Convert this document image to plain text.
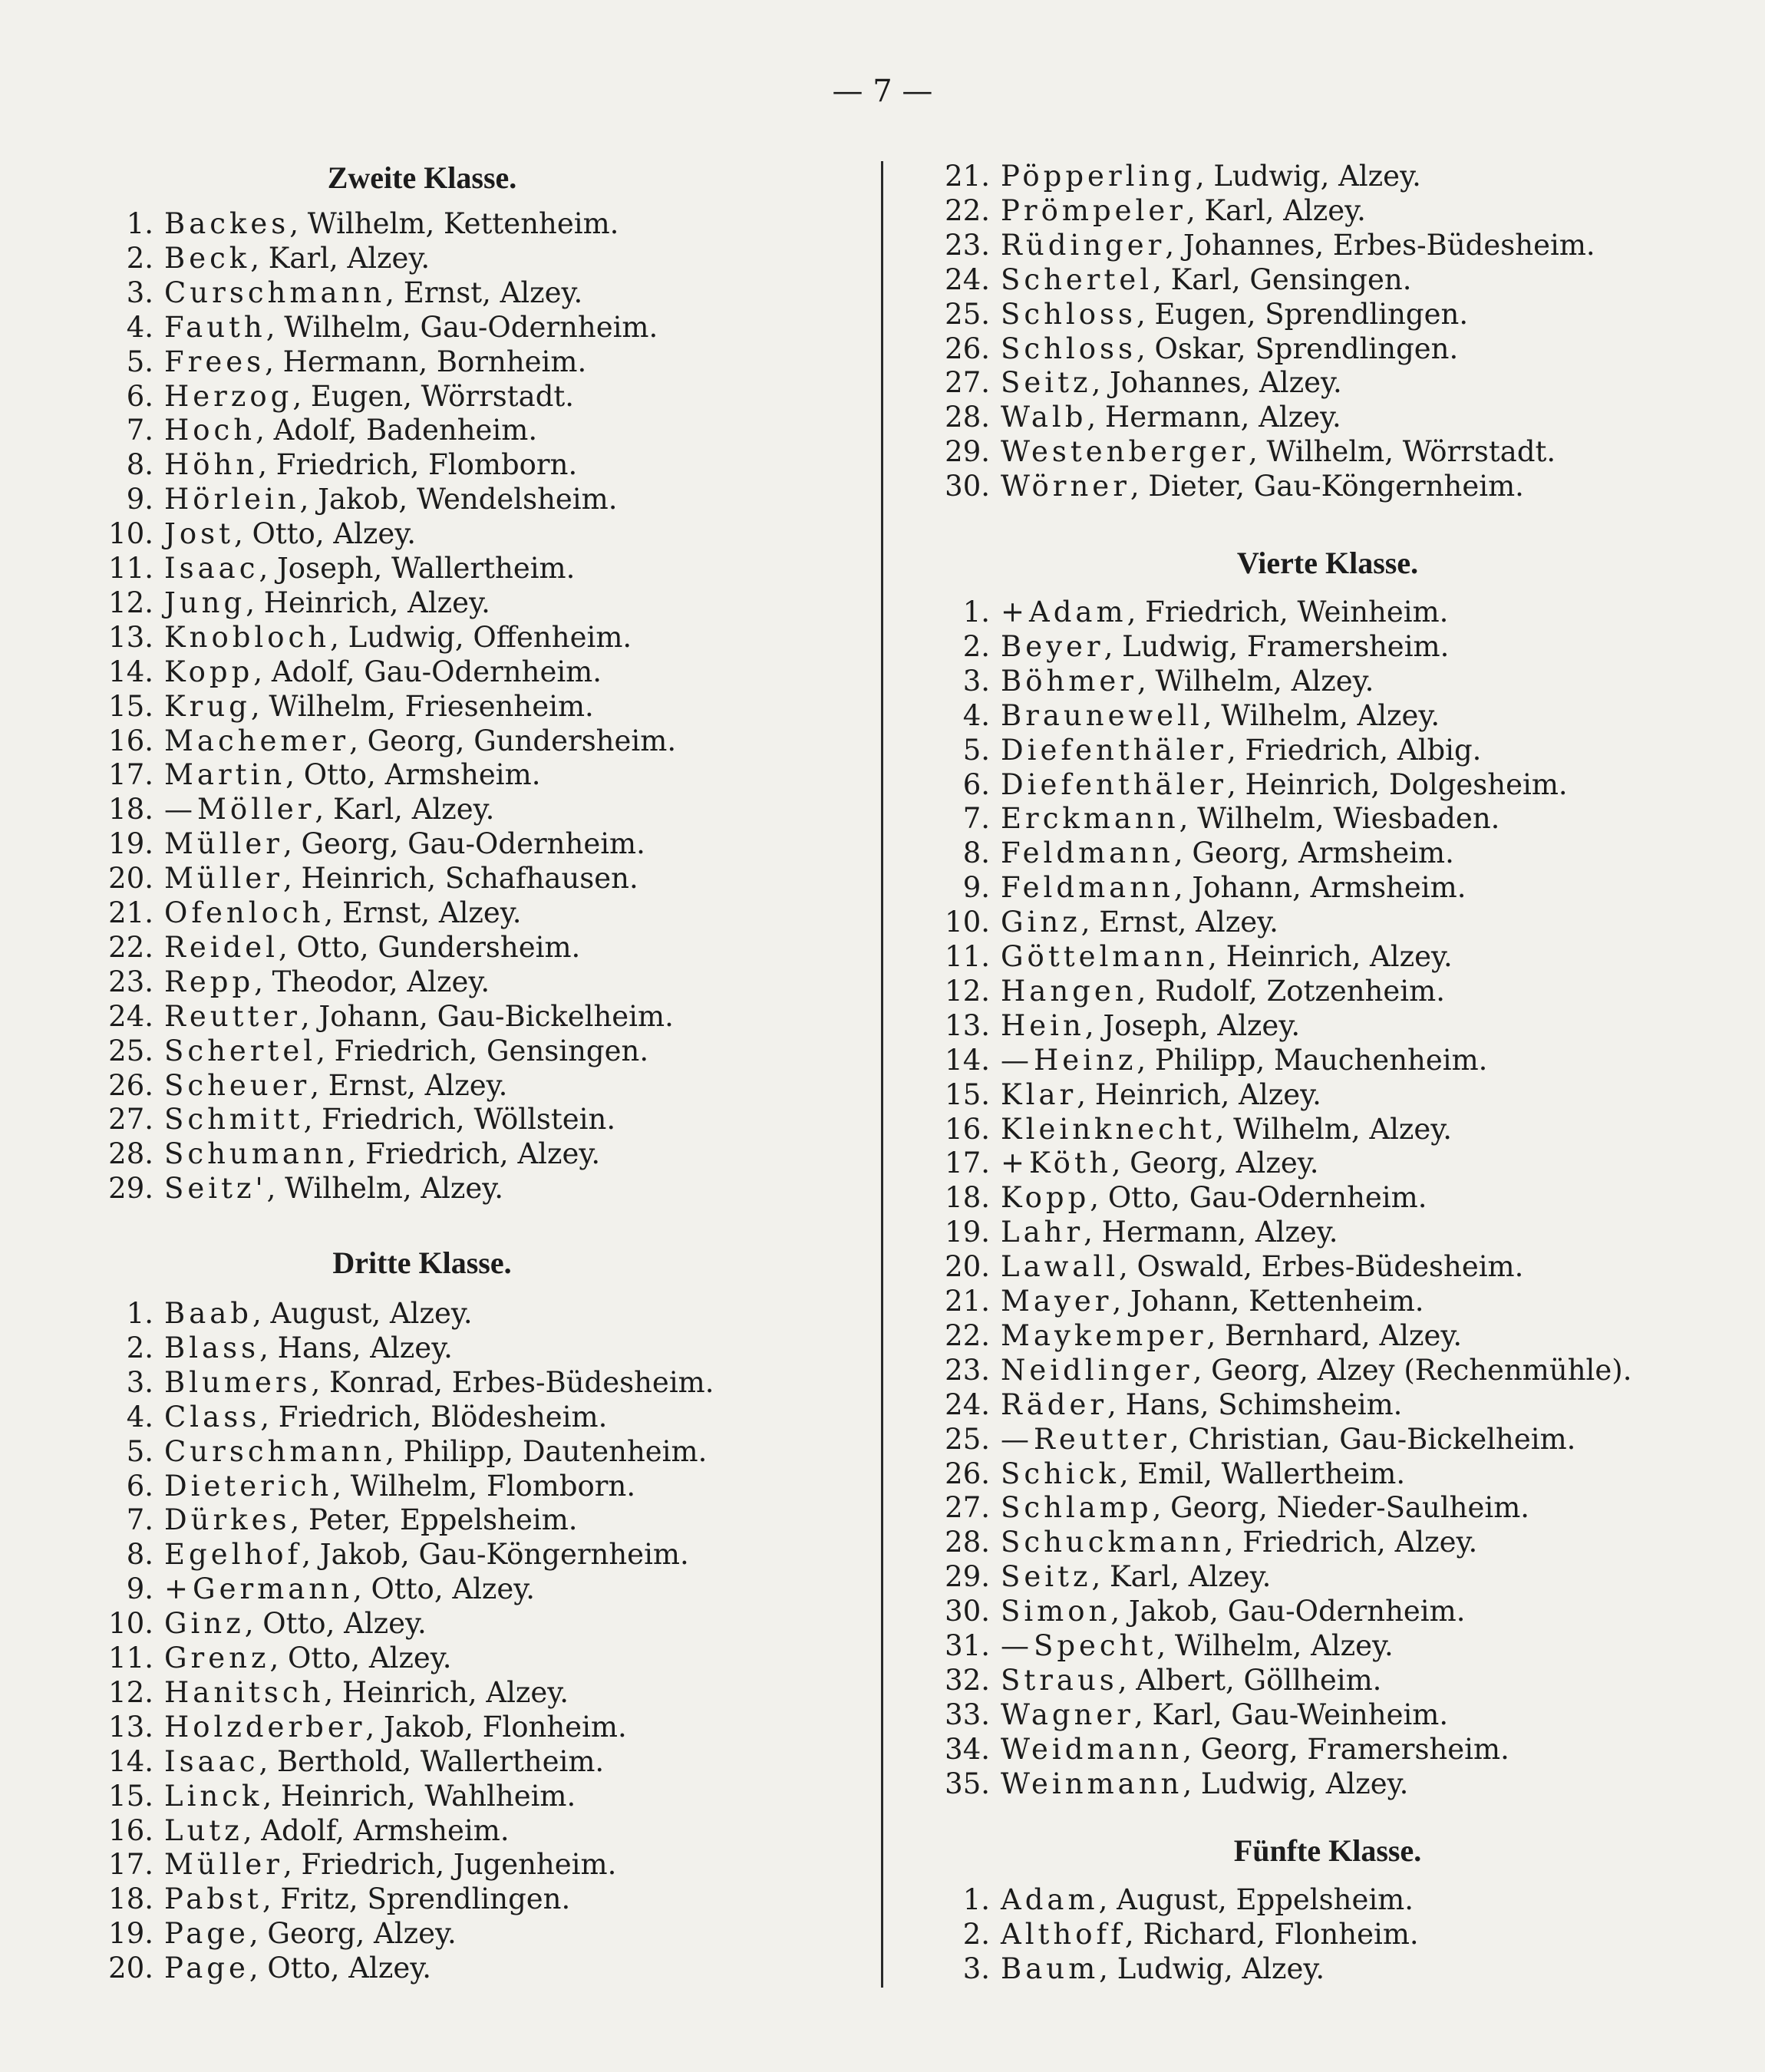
— 7 —
Zweite Klasse.
1. Backes, Wilhelm, Kettenheim.
2. Beck, Karl, Alzey.
3. Curschmann, Ernst, Alzey.
4. Fauth, Wilhelm, Gau-Odernheim.
5. Frees, Hermann, Bornheim.
6. Herzog, Eugen, Wörrstadt.
7. Hoch, Adolf, Badenheim.
8. Höhn, Friedrich, Flomborn.
9. Hörlein, Jakob, Wendelsheim.
10. Jost, Otto, Alzey.
11. Isaac, Joseph, Wallertheim.
12. Jung, Heinrich, Alzey.
13. Knobloch, Ludwig, Offenheim.
14. Kopp, Adolf, Gau-Odernheim.
15. Krug, Wilhelm, Friesenheim.
16. Machemer, Georg, Gundersheim.
17. Martin, Otto, Armsheim.
18. — Möller, Karl, Alzey.
19. Müller, Georg, Gau-Odernheim.
20. Müller, Heinrich, Schafhausen.
21. Ofenloch, Ernst, Alzey.
22. Reidel, Otto, Gundersheim.
23. Repp, Theodor, Alzey.
24. Reutter, Johann, Gau-Bickelheim.
25. Schertel, Friedrich, Gensingen.
26. Scheuer, Ernst, Alzey.
27. Schmitt, Friedrich, Wöllstein.
28. Schumann, Friedrich, Alzey.
29. Seitz', Wilhelm, Alzey.
Dritte Klasse.
1. Baab, August, Alzey.
2. Blass, Hans, Alzey.
3. Blumers, Konrad, Erbes-Büdesheim.
4. Class, Friedrich, Blödesheim.
5. Curschmann, Philipp, Dautenheim.
6. Dieterich, Wilhelm, Flomborn.
7. Dürkes, Peter, Eppelsheim.
8. Egelhof, Jakob, Gau-Köngernheim.
9. + Germann, Otto, Alzey.
10. Ginz, Otto, Alzey.
11. Grenz, Otto, Alzey.
12. Hanitsch, Heinrich, Alzey.
13. Holzderber, Jakob, Flonheim.
14. Isaac, Berthold, Wallertheim.
15. Linck, Heinrich, Wahlheim.
16. Lutz, Adolf, Armsheim.
17. Müller, Friedrich, Jugenheim.
18. Pabst, Fritz, Sprendlingen.
19. Page, Georg, Alzey.
20. Page, Otto, Alzey.
21. Pöpperling, Ludwig, Alzey.
22. Prömpeler, Karl, Alzey.
23. Rüdinger, Johannes, Erbes-Büdesheim.
24. Schertel, Karl, Gensingen.
25. Schloss, Eugen, Sprendlingen.
26. Schloss, Oskar, Sprendlingen.
27. Seitz, Johannes, Alzey.
28. Walb, Hermann, Alzey.
29. Westenberger, Wilhelm, Wörrstadt.
30. Wörner, Dieter, Gau-Köngernheim.
Vierte Klasse.
1. + Adam, Friedrich, Weinheim.
2. Beyer, Ludwig, Framersheim.
3. Böhmer, Wilhelm, Alzey.
4. Braunewell, Wilhelm, Alzey.
5. Diefenthäler, Friedrich, Albig.
6. Diefenthäler, Heinrich, Dolgesheim.
7. Erckmann, Wilhelm, Wiesbaden.
8. Feldmann, Georg, Armsheim.
9. Feldmann, Johann, Armsheim.
10. Ginz, Ernst, Alzey.
11. Göttelmann, Heinrich, Alzey.
12. Hangen, Rudolf, Zotzenheim.
13. Hein, Joseph, Alzey.
14. — Heinz, Philipp, Mauchenheim.
15. Klar, Heinrich, Alzey.
16. Kleinknecht, Wilhelm, Alzey.
17. + Köth, Georg, Alzey.
18. Kopp, Otto, Gau-Odernheim.
19. Lahr, Hermann, Alzey.
20. Lawall, Oswald, Erbes-Büdesheim.
21. Mayer, Johann, Kettenheim.
22. Maykemper, Bernhard, Alzey.
23. Neidlinger, Georg, Alzey (Rechenmühle).
24. Räder, Hans, Schimsheim.
25. — Reutter, Christian, Gau-Bickelheim.
26. Schick, Emil, Wallertheim.
27. Schlamp, Georg, Nieder-Saulheim.
28. Schuckmann, Friedrich, Alzey.
29. Seitz, Karl, Alzey.
30. Simon, Jakob, Gau-Odernheim.
31. — Specht, Wilhelm, Alzey.
32. Straus, Albert, Göllheim.
33. Wagner, Karl, Gau-Weinheim.
34. Weidmann, Georg, Framersheim.
35. Weinmann, Ludwig, Alzey.
Fünfte Klasse.
1. Adam, August, Eppelsheim.
2. Althoff, Richard, Flonheim.
3. Baum, Ludwig, Alzey.
